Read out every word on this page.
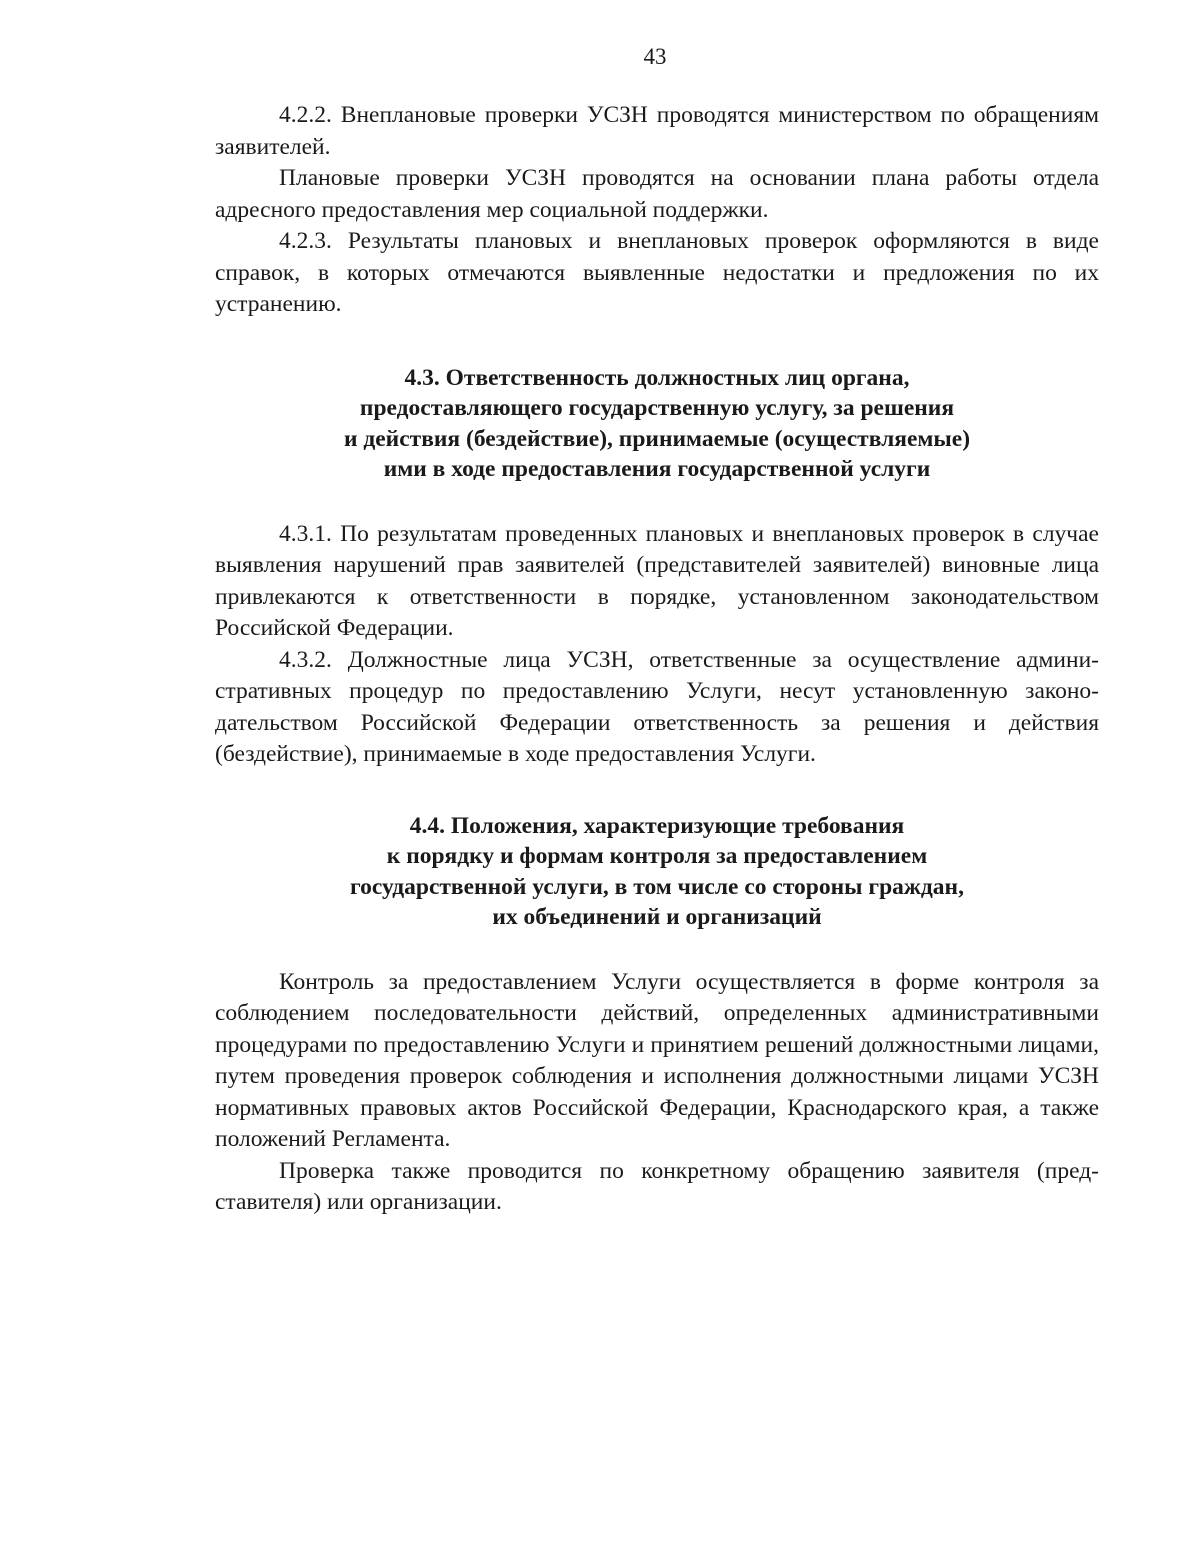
43

4.2.2. Внеплановые проверки УСЗН проводятся министерством по обращениям заявителей.

Плановые проверки УСЗН проводятся на основании плана работы отдела адресного предоставления мер социальной поддержки.

4.2.3. Результаты плановых и внеплановых проверок оформляются в виде справок, в которых отмечаются выявленные недостатки и предложения по их устранению.

4.3. Ответственность должностных лиц органа,
предоставляющего государственную услугу, за решения
и действия (бездействие), принимаемые (осуществляемые)
ими в ходе предоставления государственной услуги

4.3.1. По результатам проведенных плановых и внеплановых проверок в случае выявления нарушений прав заявителей (представителей заявителей) виновные лица привлекаются к ответственности в порядке, установленном законодательством Российской Федерации.

4.3.2. Должностные лица УСЗН, ответственные за осуществление административных процедур по предоставлению Услуги, несут установленную законодательством Российской Федерации ответственность за решения и действия (бездействие), принимаемые в ходе предоставления Услуги.

4.4. Положения, характеризующие требования
к порядку и формам контроля за предоставлением
государственной услуги, в том числе со стороны граждан,
их объединений и организаций

Контроль за предоставлением Услуги осуществляется в форме контроля за соблюдением последовательности действий, определенных административными процедурами по предоставлению Услуги и принятием решений должностными лицами, путем проведения проверок соблюдения и исполнения должностными лицами УСЗН нормативных правовых актов Российской Федерации, Краснодарского края, а также положений Регламента.

Проверка также проводится по конкретному обращению заявителя (представителя) или организации.
